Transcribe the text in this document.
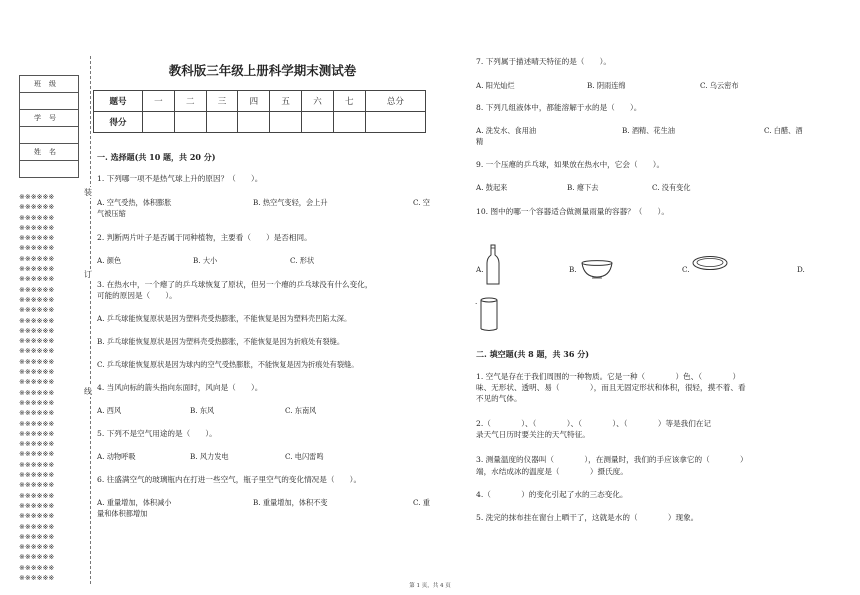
班级

学号

姓名

※※※※※※
※※※※※※
※※※※※※
※※※※※※
※※※※※※
※※※※※※
※※※※※※
※※※※※※
※※※※※※
※※※※※※
※※※※※※
※※※※※※
※※※※※※
※※※※※※
※※※※※※
※※※※※※
※※※※※※
※※※※※※
※※※※※※
※※※※※※
※※※※※※
※※※※※※
※※※※※※
※※※※※※
※※※※※※
※※※※※※
※※※※※※
※※※※※※
※※※※※※
※※※※※※
※※※※※※
※※※※※※
※※※※※※
※※※※※※
※※※※※※
※※※※※※
※※※※※※
※※※※※※
装
订
线
教科版三年级上册科学期末测试卷
题号	一	二	三	四	五	六	七	总分
得分								
一. 选择题(共 10 题，共 20 分)
1. 下列哪一项不是热气球上升的原因？（　　）。
A. 空气受热，体积膨胀	B. 热空气变轻，会上升	C. 空
气被压缩
2. 判断两片叶子是否属于同种植物，主要看（　　）是否相同。
A. 颜色	B. 大小	C. 形状
3. 在热水中，一个瘪了的乒乓球恢复了原状，但另一个瘪的乒乓球没有什么变化，
可能的原因是（　　）。
A. 乒乓球能恢复原状是因为塑料壳受热膨胀，不能恢复是因为塑料壳凹陷太深。
B. 乒乓球能恢复原状是因为塑料壳受热膨胀，不能恢复是因为折痕处有裂缝。
C. 乒乓球能恢复原状是因为球内的空气受热膨胀，不能恢复是因为折痕处有裂缝。
4. 当风向标的箭头指向东面时，风向是（　　）。
A. 西风	B. 东风	C. 东南风
5. 下列不是空气用途的是（　　）。
A. 动物呼吸	B. 风力发电	C. 电闪雷鸣
6. 往盛满空气的玻璃瓶内在打进一些空气，瓶子里空气的变化情况是（　　）。
A. 重量增加，体积减小	B. 重量增加，体积不变	C. 重
量和体积都增加
7. 下列属于描述晴天特征的是（　　）。
A. 阳光灿烂	B. 阴雨连绵	C. 乌云密布
8. 下列几组液体中，都能溶解于水的是（　　）。
A. 洗发水、食用油	B. 酒精、花生油	C. 白醋、酒
精
9. 一个压瘪的乒乓球，如果放在热水中，它会（　　）。
A. 鼓起来	B. 瘪下去	C. 没有变化
10. 图中的哪一个容器适合做测量雨量的容器？（　　）。
A.	B.	C.	D.
.
二. 填空题(共 8 题，共 36 分)
1. 空气是存在于我们周围的一种物质。它是一种（　　　　）色、（　　　　）
味、无形状、透明、易（　　　　），而且无固定形状和体积，很轻，摸不着、看
不见的气体。
2.（　　　　）、（　　　　）、（　　　　）、（　　　　）等是我们在记
录天气日历时要关注的天气特征。
3. 测量温度的仪器叫（　　　　），在测量时，我们的手应该拿它的（　　　　）
端，水结成冰的温度是（　　　　）摄氏度。
4.（　　　　）的变化引起了水的三态变化。
5. 洗完的抹布挂在窗台上晒干了，这就是水的（　　　　）现象。
第 1 页，共 4 页
